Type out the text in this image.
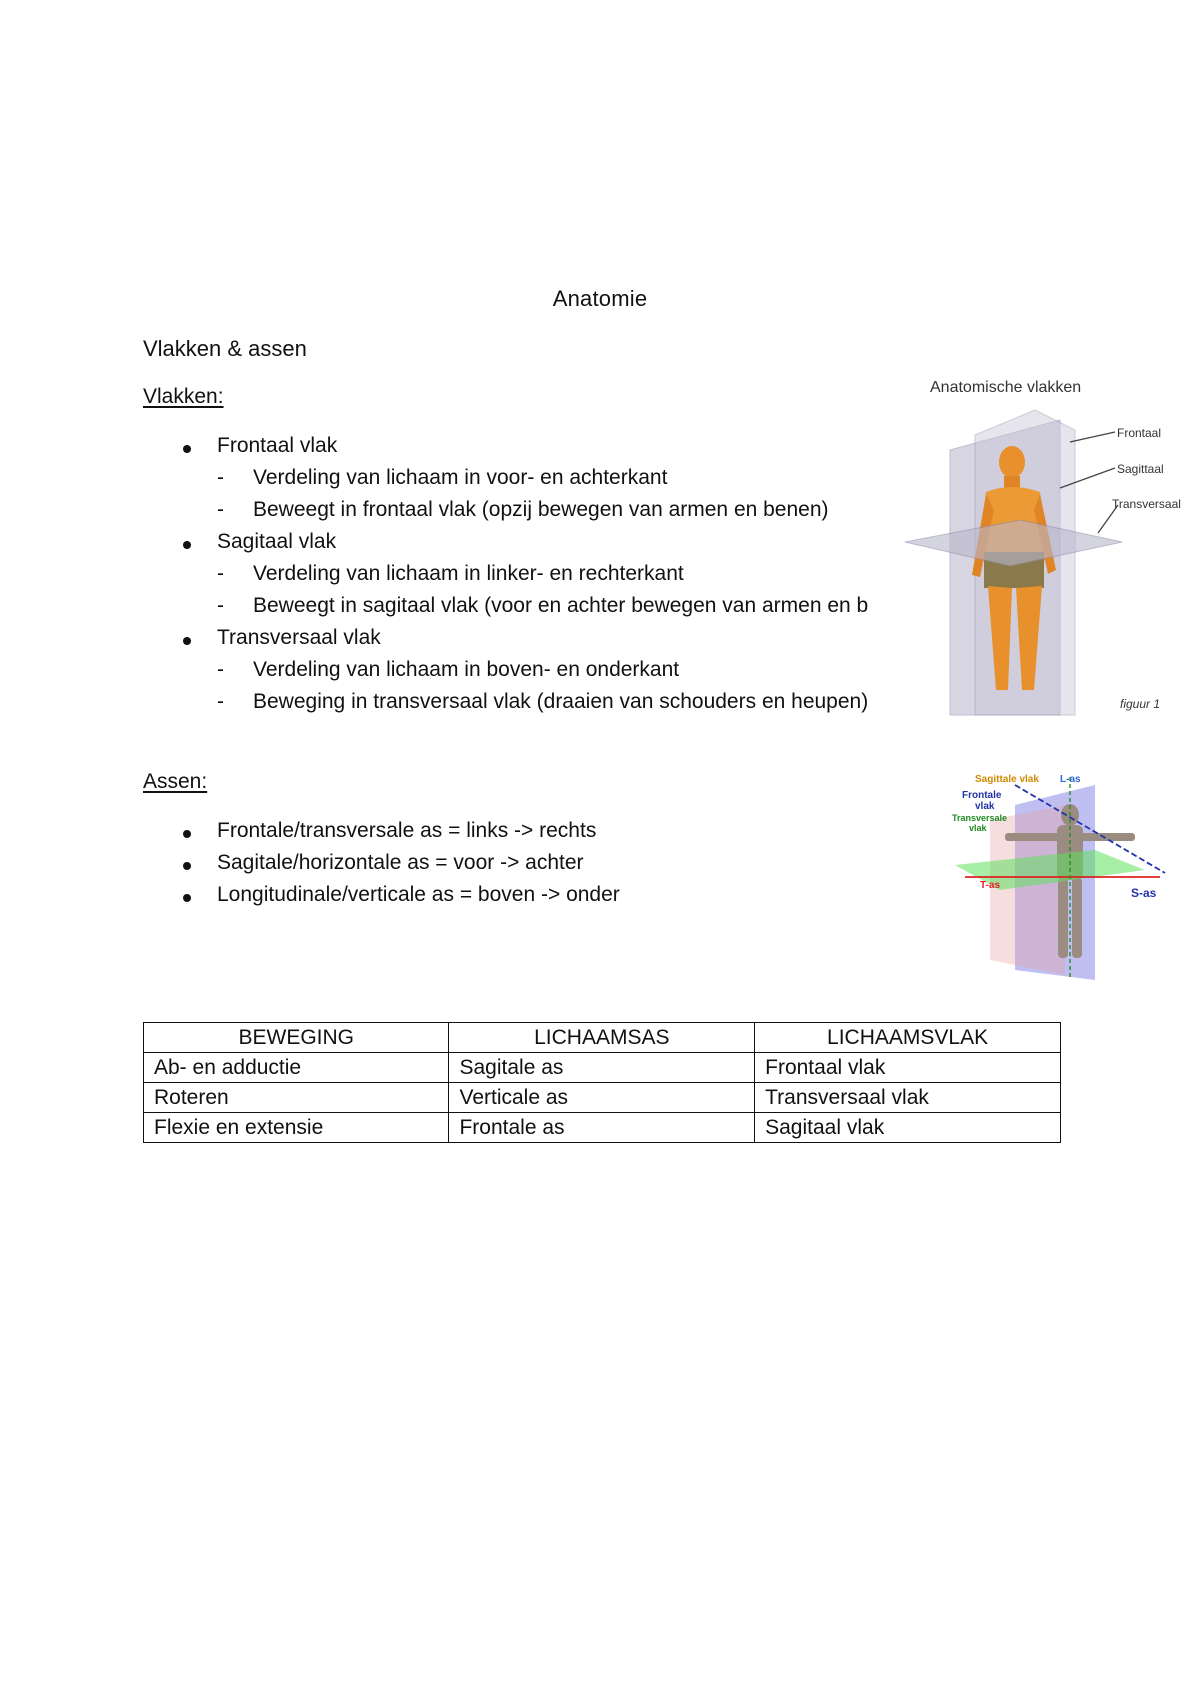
Anatomie
Vlakken & assen
Vlakken:
Frontaal vlak
- Verdeling van lichaam in voor- en achterkant
- Beweegt in frontaal vlak (opzij bewegen van armen en benen)
Sagitaal vlak
- Verdeling van lichaam in linker- en rechterkant
- Beweegt in sagitaal vlak (voor en achter bewegen van armen en b
Transversaal vlak
- Verdeling van lichaam in boven- en onderkant
- Beweging in transversaal vlak (draaien van schouders en heupen)
Anatomische vlakken
Frontaal
Sagittaal
Transversaal
figuur 1
Assen:
Frontale/transversale as = links -> rechts
Sagitale/horizontale as = voor -> achter
Longitudinale/verticale as = boven -> onder
Sagittale vlak L-as
Frontale
vlak
Transversale
vlak
T-as
S-as
BEWEGING	LICHAAMSAS	LICHAAMSVLAK
Ab- en adductie	Sagitale as	Frontaal vlak
Roteren	Verticale as	Transversaal vlak
Flexie en extensie	Frontale as	Sagitaal vlak
